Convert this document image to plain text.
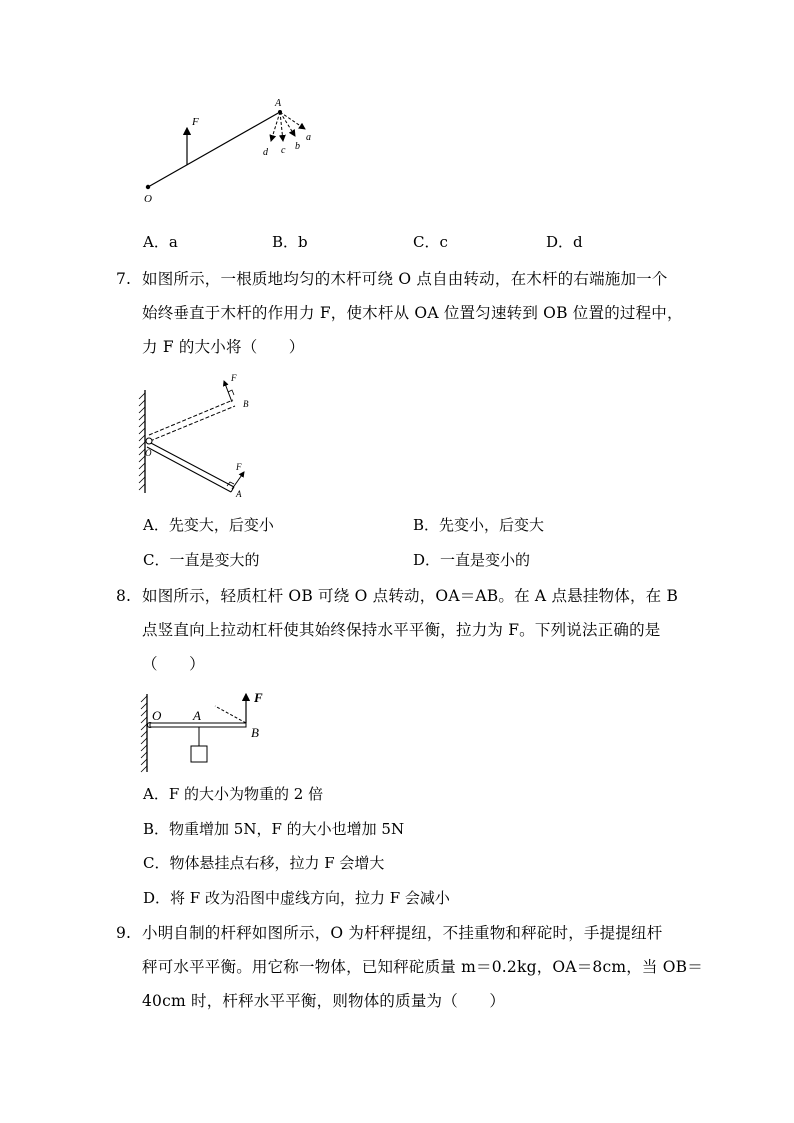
F
A
O
a
b
c
d
A．a	B．b	C．c	D．d
7. 如图所示，一根质地均匀的木杆可绕 O 点自由转动，在木杆的右端施加一个
始终垂直于木杆的作用力 F，使木杆从 OA 位置匀速转到 OB 位置的过程中，
力 F 的大小将（　　）
F
B
O
F
A
A．先变大，后变小	B．先变小，后变大
C．一直是变大的	D．一直是变小的
8. 如图所示，轻质杠杆 OB 可绕 O 点转动，OA＝AB。在 A 点悬挂物体，在 B
点竖直向上拉动杠杆使其始终保持水平平衡，拉力为 F。下列说法正确的是
（　　）
F
O A
B
A．F 的大小为物重的 2 倍
B．物重增加 5N，F 的大小也增加 5N
C．物体悬挂点右移，拉力 F 会增大
D．将 F 改为沿图中虚线方向，拉力 F 会减小
9. 小明自制的杆秤如图所示，O 为杆秤提纽，不挂重物和秤砣时，手提提纽杆
秤可水平平衡。用它称一物体，已知秤砣质量 m＝0.2kg，OA＝8cm，当 OB＝
40cm 时，杆秤水平平衡，则物体的质量为（　　）
